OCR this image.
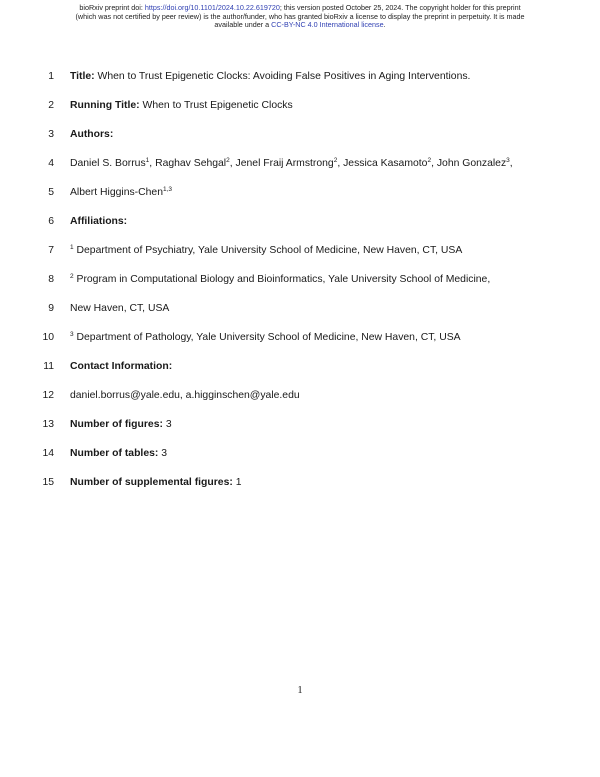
bioRxiv preprint doi: https://doi.org/10.1101/2024.10.22.619720; this version posted October 25, 2024. The copyright holder for this preprint
(which was not certified by peer review) is the author/funder, who has granted bioRxiv a license to display the preprint in perpetuity. It is made
available under a CC-BY-NC 4.0 International license.
1 Title: When to Trust Epigenetic Clocks: Avoiding False Positives in Aging Interventions.
2 Running Title: When to Trust Epigenetic Clocks
3 Authors:
4 Daniel S. Borrus$^1$, Raghav Sehgal$^2$, Jenel Fraij Armstrong$^2$, Jessica Kasamoto$^2$, John Gonzalez$^3$,
5 Albert Higgins-Chen$^{1,3}$
6 Affiliations:
7 $^1$ Department of Psychiatry, Yale University School of Medicine, New Haven, CT, USA
8 $^2$ Program in Computational Biology and Bioinformatics, Yale University School of Medicine,
9 New Haven, CT, USA
10 $^3$ Department of Pathology, Yale University School of Medicine, New Haven, CT, USA
11 Contact Information:
12 daniel.borrus@yale.edu, a.higginschen@yale.edu
13 Number of figures: 3
14 Number of tables: 3
15 Number of supplemental figures: 1
1
